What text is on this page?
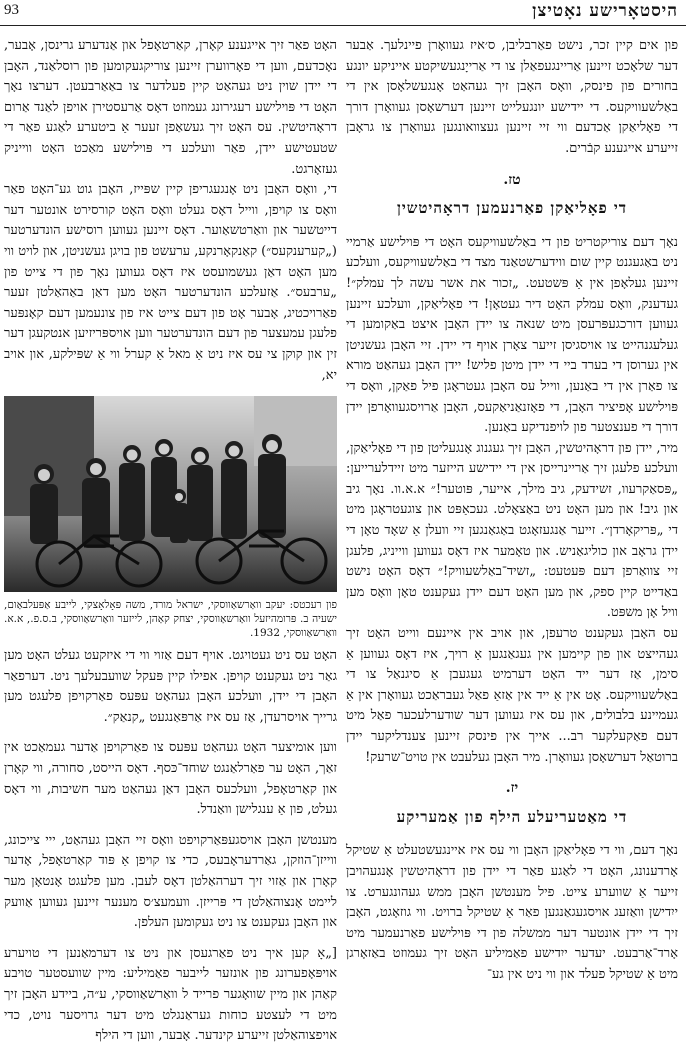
93	היסטאָרישע נאָטיצן

פון אים קיין זכר, נישט פאַרבליבן, ס׳איז געוואָרן פיינלעך. אַבער דער שלאָכט זיינען אַריינגעפאַלן צו די אַרייָנגעשיקטע אייניקע יונגע בחורים פון פינסק, וואָס האָבן זיך געהאַט אָנגעשלאָסן אין די באַלשעוויקעס. די יידישע יונגעלייט זיינען דערשאָסן געוואָרן דורך די פאָליאַקן אַכדעם ווי זיי זיינען געצוואונגען געוואָרן צו גראָבן זייערע אייגענע קבֿרים.

טז.
די פאָליאַקן פאַרנעמען דראָהיטשין

נאָך דעם צוריקטריט פון די באַלשעוויקעס האָט די פּוילישע אַרמיי ניט באַגעגנט קיין שום ווידערשטאַנד מצד די באַלשעוויקעס, וועלכע זיינען געלאָפן אין אַ פּשטעט. „זכור את אשר עשה לך עמלק״! געדענק, וואָס עמלק האָט דיר געטאָן! די פאָליאַקן, וועלכע זיינען געווען דורכגעפּרעסן מיט שנאה צו יידן האָבן איצט באַקומען די געלעגנהייט צו אויסגיסן זייער צאָרן אויף די יידן. זיי האָבן געשניטן אין גערוסן די בערד ביי די יידן מיטן פליש! יידן האָבן געהאַט מורא צו פאַרן אין די באַנען, ווייל עס האָבן געטראָגן פיל פאַקן, וואָס די פּוילישע אָפיציר האָבן, די פאָזנאַניאַקעס, האָבן אַרויסגעוואָרפן יידן דורך די פענצטער פון לויפנדיקע באַנען.

מיר, יידן פון דראָהיטשין, האָבן זיך געגנוג אָנגעליטן פון די פאָליאַקן, וועלכע פלעגן זיך אַריינרייסן אין די יידישע הייזער מיט זיידלערייען: „פּסאַקרעוו, זשידעק, גיב מילך, אייער, פּוטער!״ א.א.וו. נאָך גיב און גיב! און מען האָט ניט באַצאָלט. געכאַפּט און צוגעטראָגן מיט די „פּריקאָרדן״. זייער אַנגעזאָגט באַגאַנגען זיי וועלן אַ שאָד טאָן די יידן גראָב און כוליגאַניש. און טאָמער איז דאָס געווען ווייניג, פלעגן זיי צוואַרפן דעם פּעטעט: „זשיד־באַלשעוויק!״ דאָס האָט נישט באַדייט קיין ספק, און מען האָט דעם יידן געקענט טאָן וואָס מען וויל אָן משפּט.

עס האָבן געקענט טרעפן, און אויב אין איינעם ווייט האָט זיך געהייצט און פון קיימען אין געגאַנגען אַ רויך, איז דאָס געווען אַ סימן, אַז דער ייד האָט דערמיט געגעבן אַ סיגנאַל צו די באַלשעוויקעס. אָט אין אַ ייד אין אַזאַ פאַל געבראַכט געוואָרן אין אַ געמיינע בלבולים, און עס איז געווען דער שודערלעכער פאַל מיט דעם פאַקעלקער רב... אייך אין פינסק זיינען צענדליקער יידן ברוטאַל דערשאָסן געוואָרן. מיר האָבן געלעבט אין טויט־שרעק!

יז.
די מאַטעריעלע הילף פון אַמעריקע

נאָך דעם, ווי די פאָליאַקן האָבן ווי עס איז איינגעשטעלט אַ שטיקל אָרדענונג, האָט די לאַגע פאַר די יידן פון דראָהיטשין אָנגעהויבן זייער אַ שווערע צייט. פיל מענטשן האָבן ממש געהונגערט. צו ייִדישן וואַזעג אויסגעגאַנגען פאַר אַ שטיקל ברויט. ווי גוזאָגט, האָבן זיך די יידן אונטער דער ממשלה פון די פּוילישע פאַרנעמער מיט אָרד־אַרבעט. יעדער ייִדישע פאַמיליע האָט זיך געמוזט באַזאָרגן מיט אַ שטיקל פעלד און ווי ניט אין גע־

האָט פאַר זיך אייגענע קאָרן, קאַרטאָפל און אַנדערע גרינסן, אָבער, נאָכדעם, ווען די פאָרווערן זיינען צוריקגעקומען פון רוסלאַנד, האָבן די יידן שוין ניט געהאַט קיין פעלדער צו באַאַרבעטן. דערצו נאָך האָט די פּוילישע רעגירונג געמוזט דאָס אַרעסטירן אויפן לאַנד אַרום דראָהיטשין. עס האָט זיך געשאַפן זעער אַ ביטערע לאַגע פאַר די שטעטישע יידן, פאַר וועלכע די פּוילישע מאַכט האָט ווייניק געזאָרגט.

די, וואָס האָבן ניט אָנגעגריפן קיין שפּייז, האָבן גוט גע־האָט פאַר וואָס צו קויפן, ווייל דאָס געלט וואָס האָט קורסירט אונטער דער דייטשער און וואַרטשאַוער. דאָס זיינען געווען רוסישע הונדערטער („קערענקעס״) קאַנקאָרנקע, ערעשט פון בויגן געשניטן, און לויט ווי מען האָט דאַן געשמועסט איז דאָס געווען נאָך פון די צייט פון „ערבעס״. אַזעלכע הונדערטער האָט מען דאַן באַהאַלטן זעער פאַרויכטיג, אָבער אָט פון דעם צייט איז פון צונעמען דעם קאָנפּער פלעגן עמעצער פון דעם הונדערטער ווען אויספּריזיען אנטקעגן דער זין און קוקן צי עס איז ניט אַ מאל אַ קערל ווי אַ שפּילקע, און אויב יא,

פון רעכטס: יעקב וואַרשאַווסקי, ישראל מורד, משה פּאָלאָצקי, לייבע אַפּעלבאַום, ישעיה ב. פּרומהיזעל וואַרשאַווסקי, יצחק קאַהן, לייזער וואַרשאַווסקי, ב.ס.פ., א.א. וואַרשאַווסקי, 1932.

האָט עס ניט געטויגט. אויף דעם אַזוי ווי די איזקעט געלט האָט מען גאַר ניט געקענט קויפן. אפילו קיין פּעקל שוועבעלעך ניט. דערפאַר האָבן די יידן, וועלכע האָבן געהאַט עפּעס פאַרקויפן פלעגט מען גרייך אויסרעדן, אַז עס איז אַרפּאַנגעט „קנאַק״.

ווען אומיצער האָט געהאַט עפּעס צו פאַרקויפן אַדער געמאַכט אין זאַך, האָט ער פאַרלאַנגט שוחד־כּסף. דאָס הייסט, סחורה, ווי קאָרן און קאַרטאָפל, וועלכעס האָבן דאַן געהאַט מער חשיבות, ווי דאָס געלט, פון אַ ענגלישן וואַנדל.

מענטשן האָבן אויסגעפּאַרקויפט וואָס זיי האָבן געהאַט, ייי צייכונג, ווייזן־הוזקן, גאַרדעראָבעס, כדי צו קויפן אַ פּוד קאַרטאָפל, אָדער קאָרן און אַזוי זיך דערהאַלטן דאָס לעבן. מען פלעגט אָנטאָן מער ליימט אָנצוהאַלטן די פּרייזן. וועמעצ׳ס מענער זיינען געווען אַוועק און האָבן געקענט צו ניט געקומען העלפן.

[„אָ קען איך ניט פאַרגעסן און ניט צו דערמאַנען די טויערע אויפּאָפערונג פון אונזער לייבער פאַמיליע: מיין שוועסטער טויבע קאַהן און מיין שוואָגער פרייד ל וואַרשאַווסקי, ע״ה, ביידע האָבן זיך מיט די לעצטע כוחות געראַנגלט מיט דער גרויסער נויט, כדי אויפצוהאַלטן זייערע קינדער. אָבער, ווען די הילף
